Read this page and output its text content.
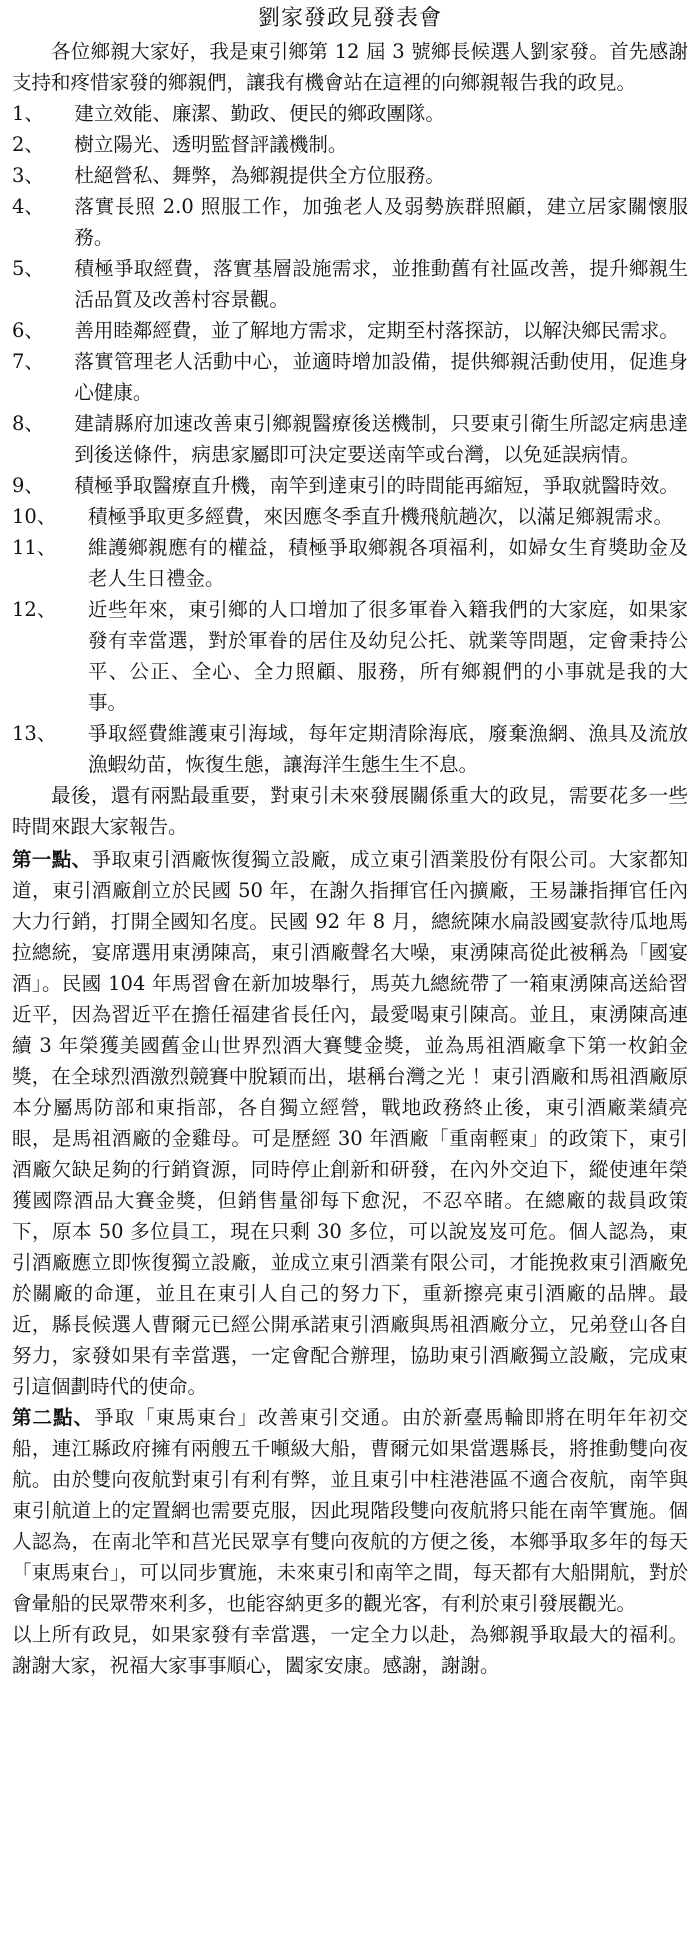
劉家發政見發表會

各位鄉親大家好，我是東引鄉第 12 屆 3 號鄉長候選人劉家發。首先感謝支持和疼惜家發的鄉親們，讓我有機會站在這裡的向鄉親報告我的政見。

1、 建立效能、廉潔、勤政、便民的鄉政團隊。
2、 樹立陽光、透明監督評議機制。
3、 杜絕營私、舞弊，為鄉親提供全方位服務。
4、 落實長照 2.0 照服工作，加強老人及弱勢族群照顧，建立居家關懷服務。
5、 積極爭取經費，落實基層設施需求，並推動舊有社區改善，提升鄉親生活品質及改善村容景觀。
6、 善用睦鄰經費，並了解地方需求，定期至村落探訪，以解決鄉民需求。
7、 落實管理老人活動中心，並適時增加設備，提供鄉親活動使用，促進身心健康。
8、 建請縣府加速改善東引鄉親醫療後送機制，只要東引衛生所認定病患達到後送條件，病患家屬即可決定要送南竿或台灣，以免延誤病情。
9、 積極爭取醫療直升機，南竿到達東引的時間能再縮短，爭取就醫時效。
10、 積極爭取更多經費，來因應冬季直升機飛航趟次，以滿足鄉親需求。
11、 維護鄉親應有的權益，積極爭取鄉親各項福利，如婦女生育獎助金及老人生日禮金。
12、 近些年來，東引鄉的人口增加了很多軍眷入籍我們的大家庭，如果家發有幸當選，對於軍眷的居住及幼兒公托、就業等問題，定會秉持公平、公正、全心、全力照顧、服務，所有鄉親們的小事就是我的大事。
13、 爭取經費維護東引海域，每年定期清除海底，廢棄漁網、漁具及流放漁蝦幼苗，恢復生態，讓海洋生態生生不息。

最後，還有兩點最重要，對東引未來發展關係重大的政見，需要花多一些時間來跟大家報告。

第一點、爭取東引酒廠恢復獨立設廠，成立東引酒業股份有限公司。大家都知道，東引酒廠創立於民國 50 年，在謝久指揮官任內擴廠，王易謙指揮官任內大力行銷，打開全國知名度。民國 92 年 8 月，總統陳水扁設國宴款待瓜地馬拉總統，宴席選用東湧陳高，東引酒廠聲名大噪，東湧陳高從此被稱為「國宴酒」。民國 104 年馬習會在新加坡舉行，馬英九總統帶了一箱東湧陳高送給習近平，因為習近平在擔任福建省長任內，最愛喝東引陳高。並且，東湧陳高連續 3 年榮獲美國舊金山世界烈酒大賽雙金獎，並為馬祖酒廠拿下第一枚鉑金獎，在全球烈酒激烈競賽中脫穎而出，堪稱台灣之光 ！東引酒廠和馬祖酒廠原本分屬馬防部和東指部，各自獨立經營，戰地政務終止後，東引酒廠業績亮眼，是馬祖酒廠的金雞母。可是歷經 30 年酒廠「重南輕東」的政策下，東引酒廠欠缺足夠的行銷資源，同時停止創新和研發，在內外交迫下，縱使連年榮獲國際酒品大賽金獎，但銷售量卻每下愈況，不忍卒睹。在總廠的裁員政策下，原本 50 多位員工，現在只剩 30 多位，可以說岌岌可危。個人認為，東引酒廠應立即恢復獨立設廠，並成立東引酒業有限公司，才能挽救東引酒廠免於關廠的命運，並且在東引人自己的努力下，重新擦亮東引酒廠的品牌。最近，縣長候選人曹爾元已經公開承諾東引酒廠與馬祖酒廠分立，兄弟登山各自努力，家發如果有幸當選，一定會配合辦理，協助東引酒廠獨立設廠，完成東引這個劃時代的使命。

第二點、爭取「東馬東台」改善東引交通。由於新臺馬輪即將在明年年初交船，連江縣政府擁有兩艘五千噸級大船，曹爾元如果當選縣長，將推動雙向夜航。由於雙向夜航對東引有利有弊，並且東引中柱港港區不適合夜航，南竿與東引航道上的定置網也需要克服，因此現階段雙向夜航將只能在南竿實施。個人認為，在南北竿和莒光民眾享有雙向夜航的方便之後，本鄉爭取多年的每天「東馬東台」，可以同步實施，未來東引和南竿之間，每天都有大船開航，對於會暈船的民眾帶來利多，也能容納更多的觀光客，有利於東引發展觀光。

以上所有政見，如果家發有幸當選，一定全力以赴，為鄉親爭取最大的福利。謝謝大家，祝福大家事事順心，闔家安康。感謝，謝謝。
